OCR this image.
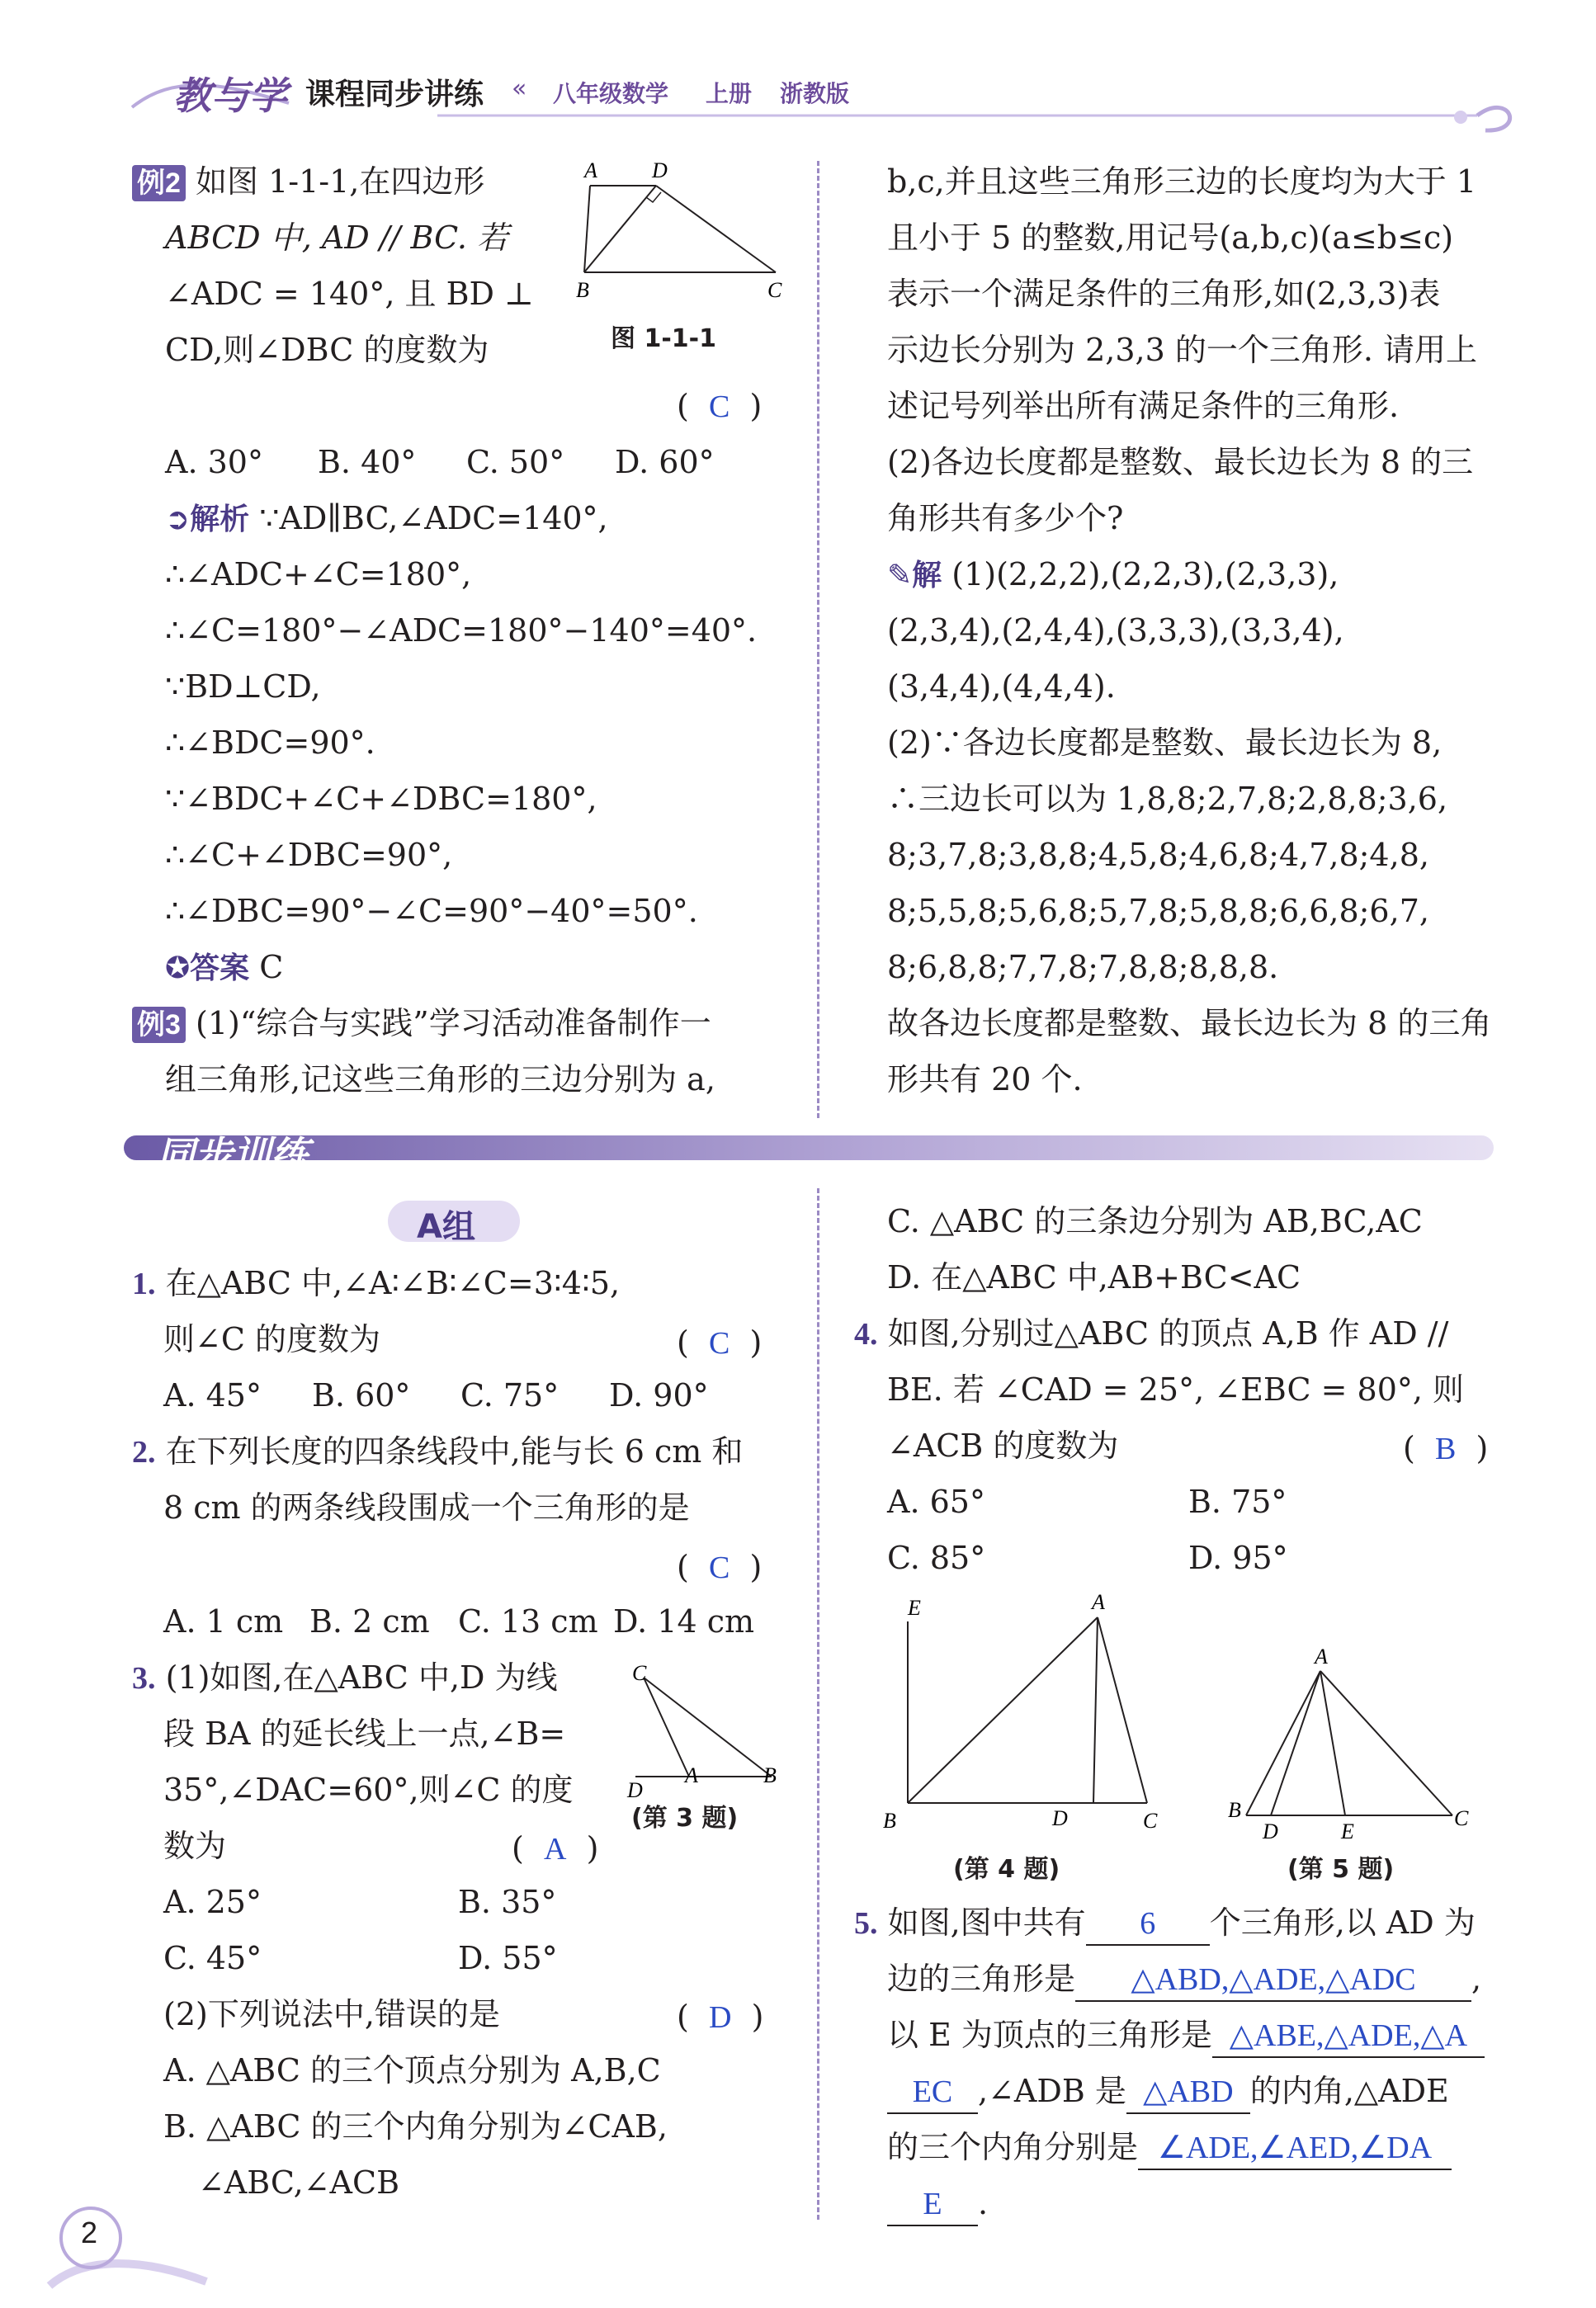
教与学 课程同步讲练 « 八年级数学 上册 浙教版
例2 如图 1-1-1,在四边形
ABCD 中, AD // BC. 若
∠ADC = 140°, 且 BD ⊥
CD,则∠DBC 的度数为
A	D
B	C
图 1-1-1
(  C  )
A. 30° B. 40° C. 50° D. 60°
➲解析 ∵AD∥BC,∠ADC=140°,
∴∠ADC+∠C=180°,
∴∠C=180°−∠ADC=180°−140°=40°.
∵BD⊥CD,
∴∠BDC=90°.
∵∠BDC+∠C+∠DBC=180°,
∴∠C+∠DBC=90°,
∴∠DBC=90°−∠C=90°−40°=50°.
✪答案 C
例3 (1)“综合与实践”学习活动准备制作一
组三角形,记这些三角形的三边分别为 a,
b,c,并且这些三角形三边的长度均为大于 1
且小于 5 的整数,用记号(a,b,c)(a≤b≤c)
表示一个满足条件的三角形,如(2,3,3)表
示边长分别为 2,3,3 的一个三角形. 请用上
述记号列举出所有满足条件的三角形.
(2)各边长度都是整数、最长边长为 8 的三
角形共有多少个?
✎解 (1)(2,2,2),(2,2,3),(2,3,3),
(2,3,4),(2,4,4),(3,3,3),(3,3,4),
(3,4,4),(4,4,4).
(2)∵各边长度都是整数、最长边长为 8,
∴三边长可以为 1,8,8;2,7,8;2,8,8;3,6,
8;3,7,8;3,8,8;4,5,8;4,6,8;4,7,8;4,8,
8;5,5,8;5,6,8;5,7,8;5,8,8;6,6,8;6,7,
8;6,8,8;7,7,8;7,8,8;8,8,8.
故各边长度都是整数、最长边长为 8 的三角
形共有 20 个.
同步训练
A组
1. 在△ABC 中,∠A∶∠B∶∠C=3∶4∶5,
则∠C 的度数为	(  C  )
A. 45° B. 60° C. 75° D. 90°
2. 在下列长度的四条线段中,能与长 6 cm 和
8 cm 的两条线段围成一个三角形的是
(  C  )
A. 1 cm B. 2 cm C. 13 cm D. 14 cm
3. (1)如图,在△ABC 中,D 为线
段 BA 的延长线上一点,∠B=
35°,∠DAC=60°,则∠C 的度
数为	(  A  )
C
D
A	B
(第 3 题)
A. 25°	B. 35°
C. 45°	D. 55°
(2)下列说法中,错误的是	(  D  )
A. △ABC 的三个顶点分别为 A,B,C
B. △ABC 的三个内角分别为∠CAB,
∠ABC,∠ACB
C. △ABC 的三条边分别为 AB,BC,AC
D. 在△ABC 中,AB+BC<AC
4. 如图,分别过△ABC 的顶点 A,B 作 AD //
BE. 若 ∠CAD = 25°, ∠EBC = 80°, 则
∠ACB 的度数为	(  B  )
A. 65°	B. 75°
C. 85°	D. 95°
E	A
B	D	C
(第 4 题)
A
B
D	E
C
(第 5 题)
5. 如图,图中共有 6 个三角形,以 AD 为
边的三角形是 △ABD,△ADE,△ADC ,
以 E 为顶点的三角形是 △ABE,△ADE,△A
EC ,∠ADB 是 △ABD 的内角,△ADE
的三个内角分别是 ∠ADE,∠AED,∠DA
E .
2
